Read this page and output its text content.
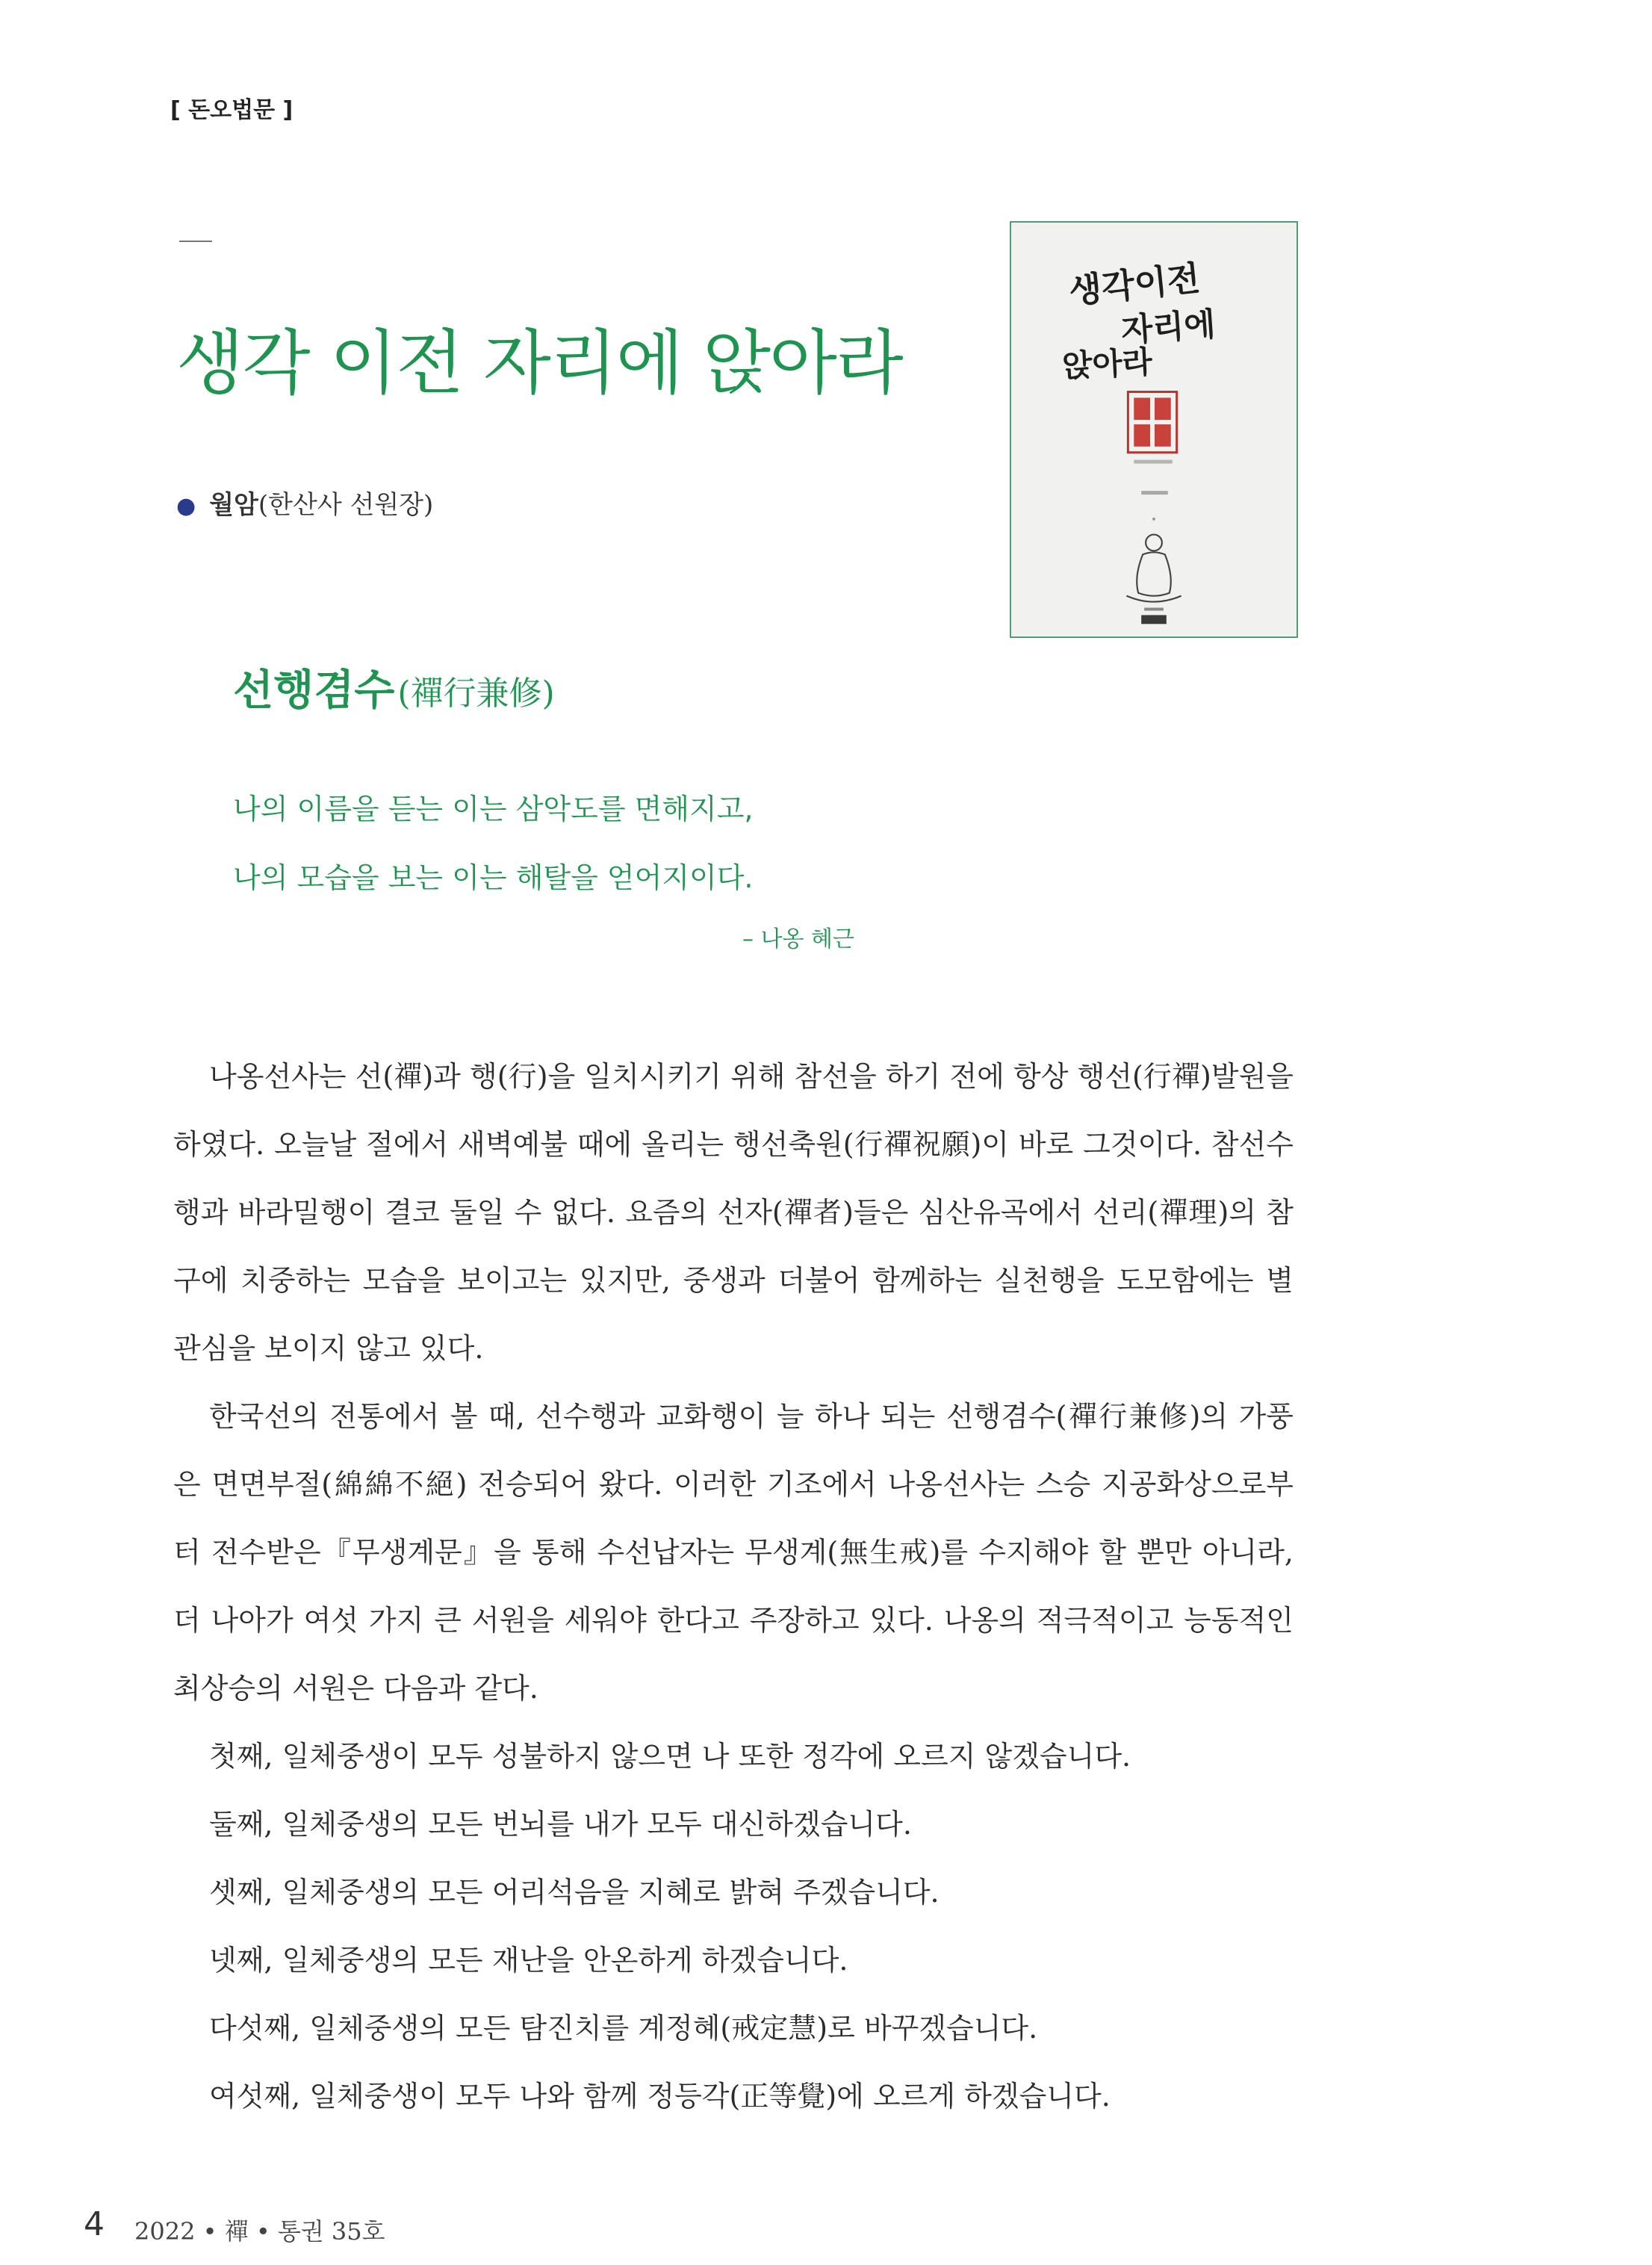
[ 돈오법문 ]
생각 이전 자리에 앉아라
● 월암(한산사 선원장)
생각이전
자리에
앉아라
선행겸수(禪行兼修)
나의 이름을 듣는 이는 삼악도를 면해지고,
나의 모습을 보는 이는 해탈을 얻어지이다.
– 나옹 혜근

나옹선사는 선(禪)과 행(行)을 일치시키기 위해 참선을 하기 전에 항상 행선(行禪)발원을 하였다. 오늘날 절에서 새벽예불 때에 올리는 행선축원(行禪祝願)이 바로 그것이다. 참선수행과 바라밀행이 결코 둘일 수 없다. 요즘의 선자(禪者)들은 심산유곡에서 선리(禪理)의 참구에 치중하는 모습을 보이고는 있지만, 중생과 더불어 함께하는 실천행을 도모함에는 별 관심을 보이지 않고 있다.

한국선의 전통에서 볼 때, 선수행과 교화행이 늘 하나 되는 선행겸수(禪行兼修)의 가풍은 면면부절(綿綿不絕) 전승되어 왔다. 이러한 기조에서 나옹선사는 스승 지공화상으로부터 전수받은『무생계문』을 통해 수선납자는 무생계(無生戒)를 수지해야 할 뿐만 아니라, 더 나아가 여섯 가지 큰 서원을 세워야 한다고 주장하고 있다. 나옹의 적극적이고 능동적인 최상승의 서원은 다음과 같다.

첫째, 일체중생이 모두 성불하지 않으면 나 또한 정각에 오르지 않겠습니다.

둘째, 일체중생의 모든 번뇌를 내가 모두 대신하겠습니다.

셋째, 일체중생의 모든 어리석음을 지혜로 밝혀 주겠습니다.

넷째, 일체중생의 모든 재난을 안온하게 하겠습니다.

다섯째, 일체중생의 모든 탐진치를 계정혜(戒定慧)로 바꾸겠습니다.

여섯째, 일체중생이 모두 나와 함께 정등각(正等覺)에 오르게 하겠습니다.

4 2022 • 禪 • 통권 35호
